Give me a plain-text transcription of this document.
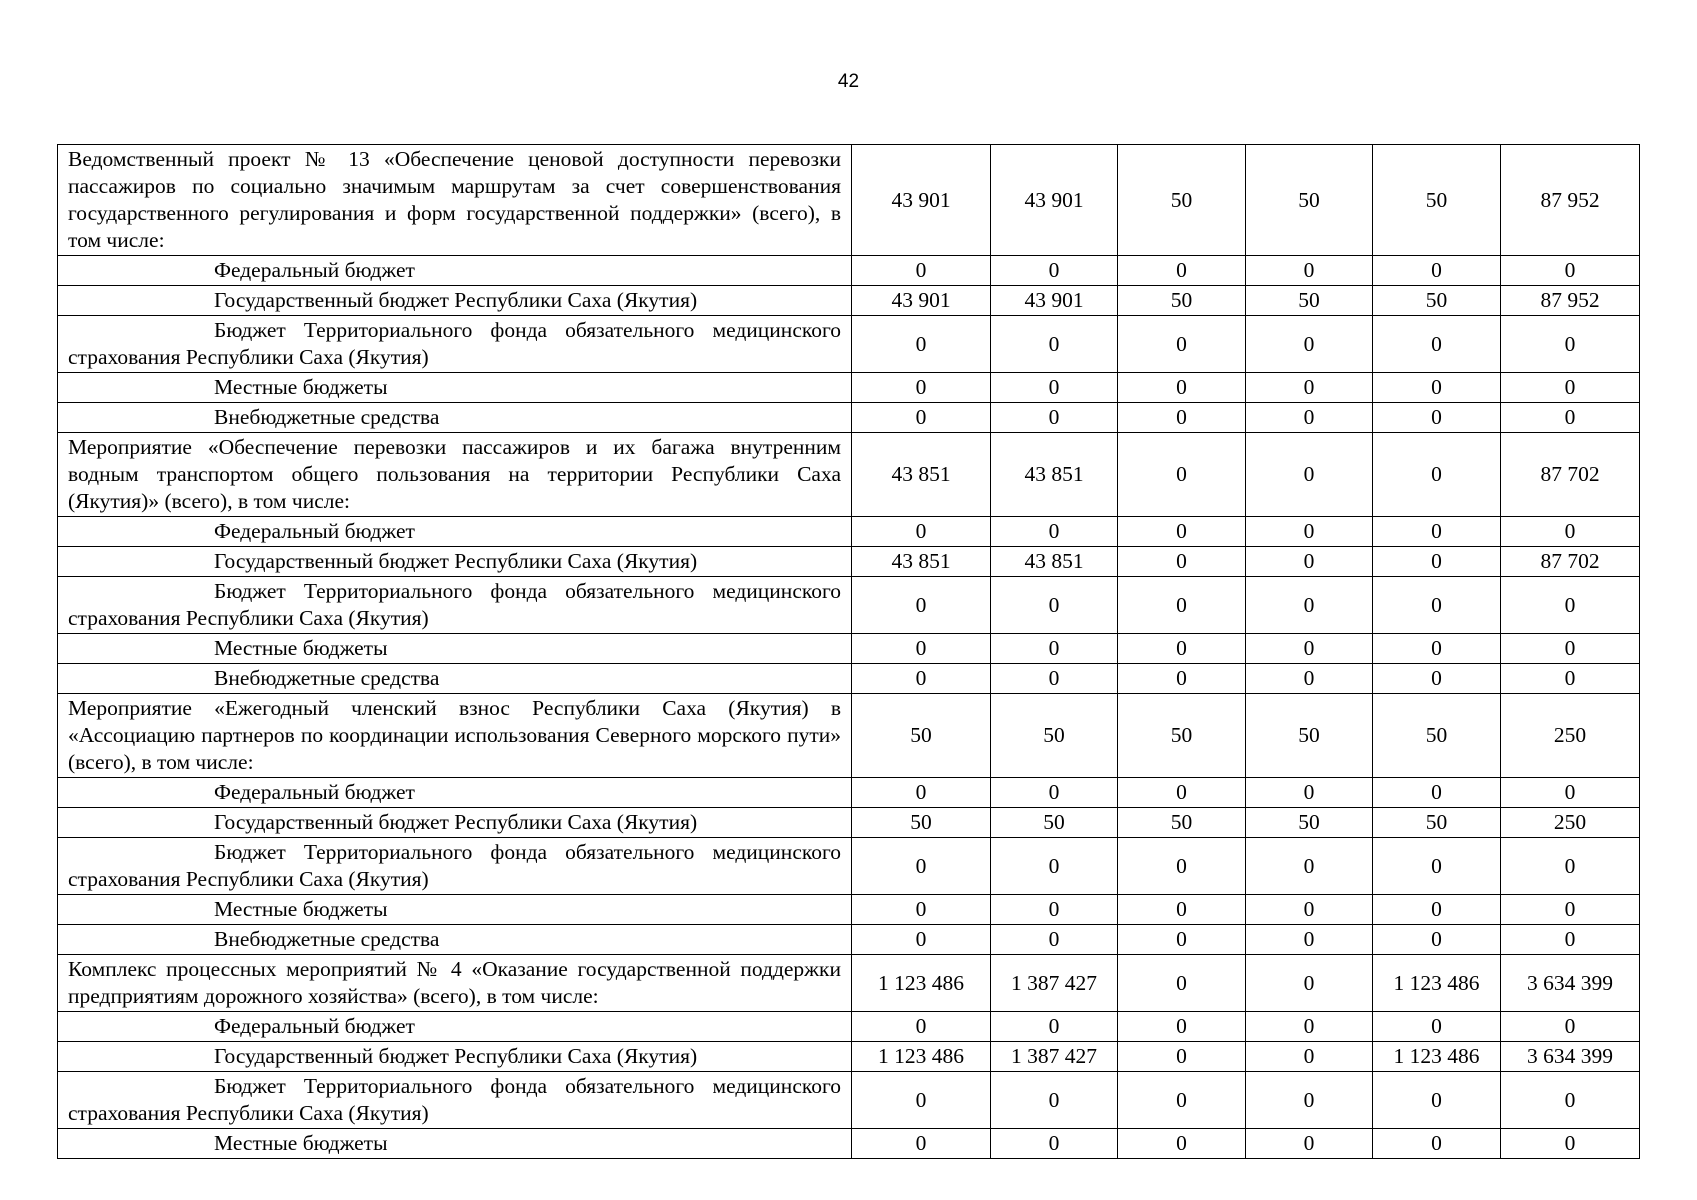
42
Ведомственный проект № 13 «Обеспечение ценовой доступности перевозки пассажиров по социально значимым маршрутам за счет совершенствования государственного регулирования и форм государственной поддержки» (всего), в том числе:	43 901	43 901	50	50	50	87 952
Федеральный бюджет	0	0	0	0	0	0
Государственный бюджет Республики Саха (Якутия)	43 901	43 901	50	50	50	87 952
Бюджет Территориального фонда обязательного медицинского страхования Республики Саха (Якутия)	0	0	0	0	0	0
Местные бюджеты	0	0	0	0	0	0
Внебюджетные средства	0	0	0	0	0	0
Мероприятие «Обеспечение перевозки пассажиров и их багажа внутренним водным транспортом общего пользования на территории Республики Саха (Якутия)» (всего), в том числе:	43 851	43 851	0	0	0	87 702
Федеральный бюджет	0	0	0	0	0	0
Государственный бюджет Республики Саха (Якутия)	43 851	43 851	0	0	0	87 702
Бюджет Территориального фонда обязательного медицинского страхования Республики Саха (Якутия)	0	0	0	0	0	0
Местные бюджеты	0	0	0	0	0	0
Внебюджетные средства	0	0	0	0	0	0
Мероприятие «Ежегодный членский взнос Республики Саха (Якутия) в «Ассоциацию партнеров по координации использования Северного морского пути» (всего), в том числе:	50	50	50	50	50	250
Федеральный бюджет	0	0	0	0	0	0
Государственный бюджет Республики Саха (Якутия)	50	50	50	50	50	250
Бюджет Территориального фонда обязательного медицинского страхования Республики Саха (Якутия)	0	0	0	0	0	0
Местные бюджеты	0	0	0	0	0	0
Внебюджетные средства	0	0	0	0	0	0
Комплекс процессных мероприятий № 4 «Оказание государственной поддержки предприятиям дорожного хозяйства» (всего), в том числе:	1 123 486	1 387 427	0	0	1 123 486	3 634 399
Федеральный бюджет	0	0	0	0	0	0
Государственный бюджет Республики Саха (Якутия)	1 123 486	1 387 427	0	0	1 123 486	3 634 399
Бюджет Территориального фонда обязательного медицинского страхования Республики Саха (Якутия)	0	0	0	0	0	0
Местные бюджеты	0	0	0	0	0	0
